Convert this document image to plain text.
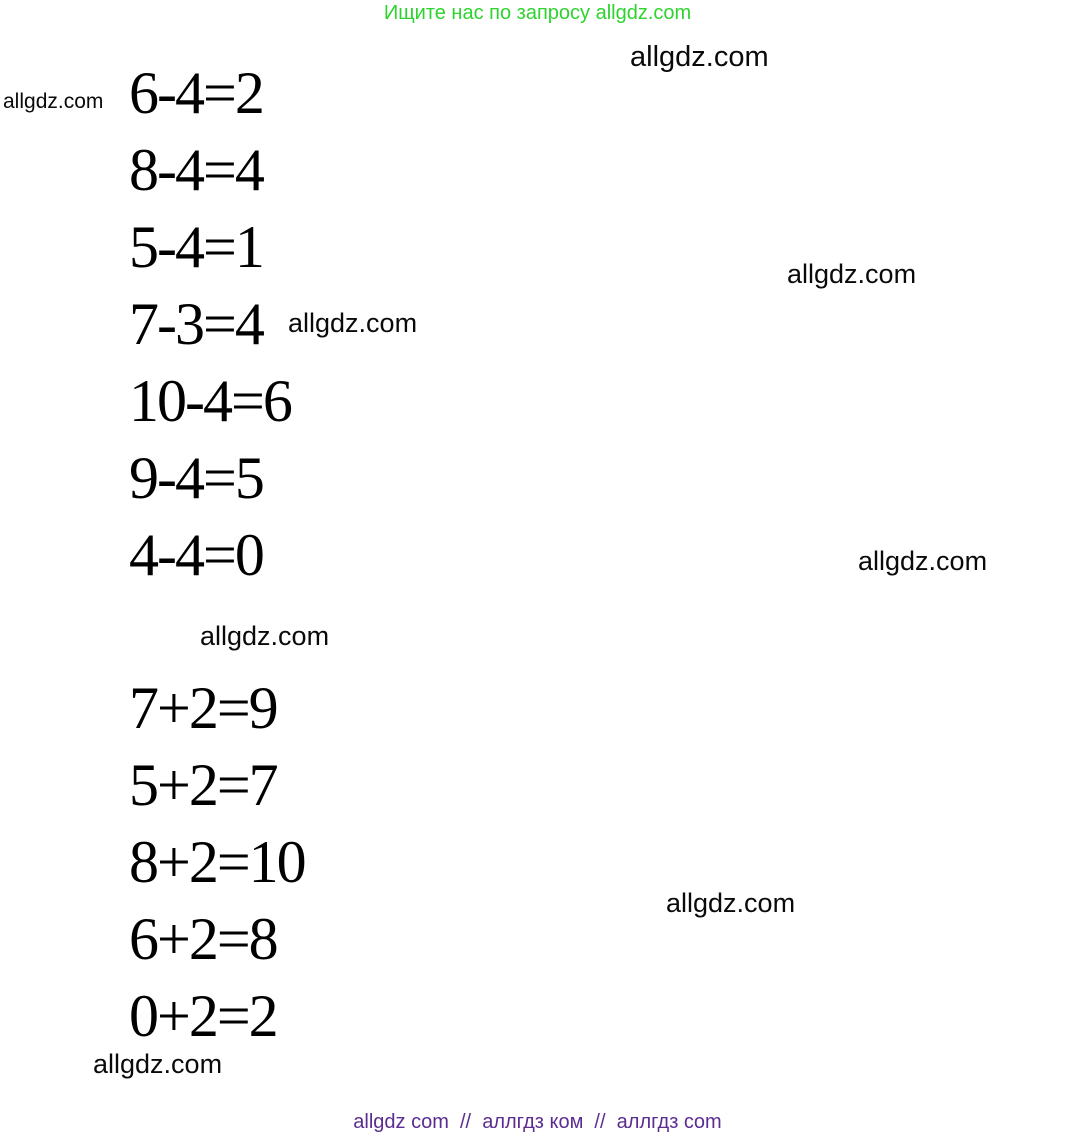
Ищите нас по запросу allgdz.com
allgdz.com
allgdz.com 6-4=2
8-4=4
5-4=1
7-3=4
10-4=6
9-4=5
4-4=0
allgdz.com
allgdz.com
allgdz.com
allgdz.com
7+2=9
5+2=7
8+2=10
6+2=8
0+2=2
allgdz.com
allgdz.com
allgdz com  //  аллгдз ком  //  аллгдз com
